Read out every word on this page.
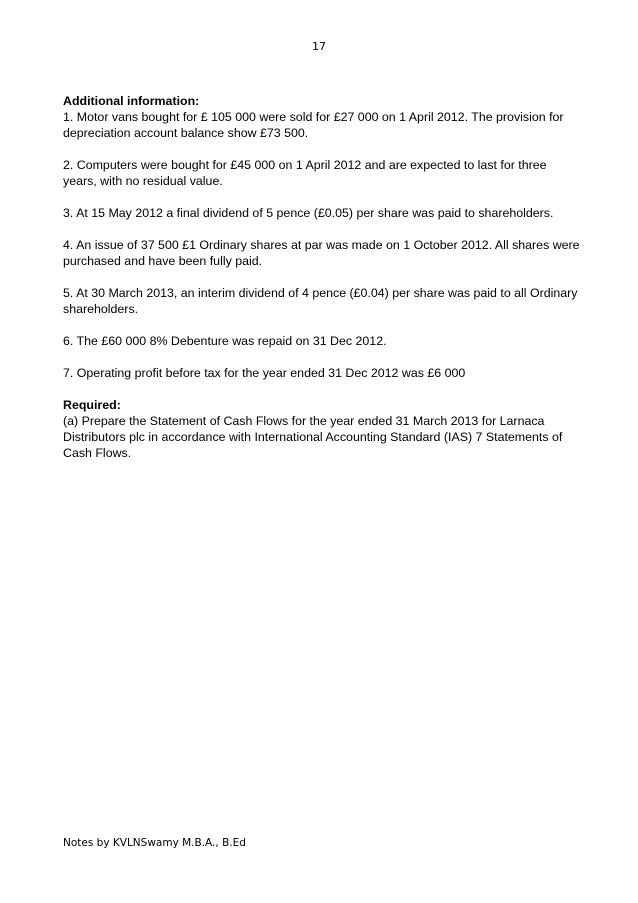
17
Additional information:
1. Motor vans bought for £ 105 000 were sold for £27 000 on 1 April 2012. The provision for depreciation account balance show £73 500.
2. Computers were bought for £45 000 on 1 April 2012 and are expected to last for three years, with no residual value.
3. At 15 May 2012 a final dividend of 5 pence (£0.05) per share was paid to shareholders.
4. An issue of 37 500 £1 Ordinary shares at par was made on 1 October 2012. All shares were purchased and have been fully paid.
5. At 30 March 2013, an interim dividend of 4 pence (£0.04) per share was paid to all Ordinary shareholders.
6. The £60 000 8% Debenture was repaid on 31 Dec 2012.
7. Operating profit before tax for the year ended 31 Dec 2012 was £6 000
Required:
(a) Prepare the Statement of Cash Flows for the year ended 31 March 2013 for Larnaca Distributors plc in accordance with International Accounting Standard (IAS) 7 Statements of Cash Flows.
Notes by KVLNSwamy M.B.A., B.Ed
